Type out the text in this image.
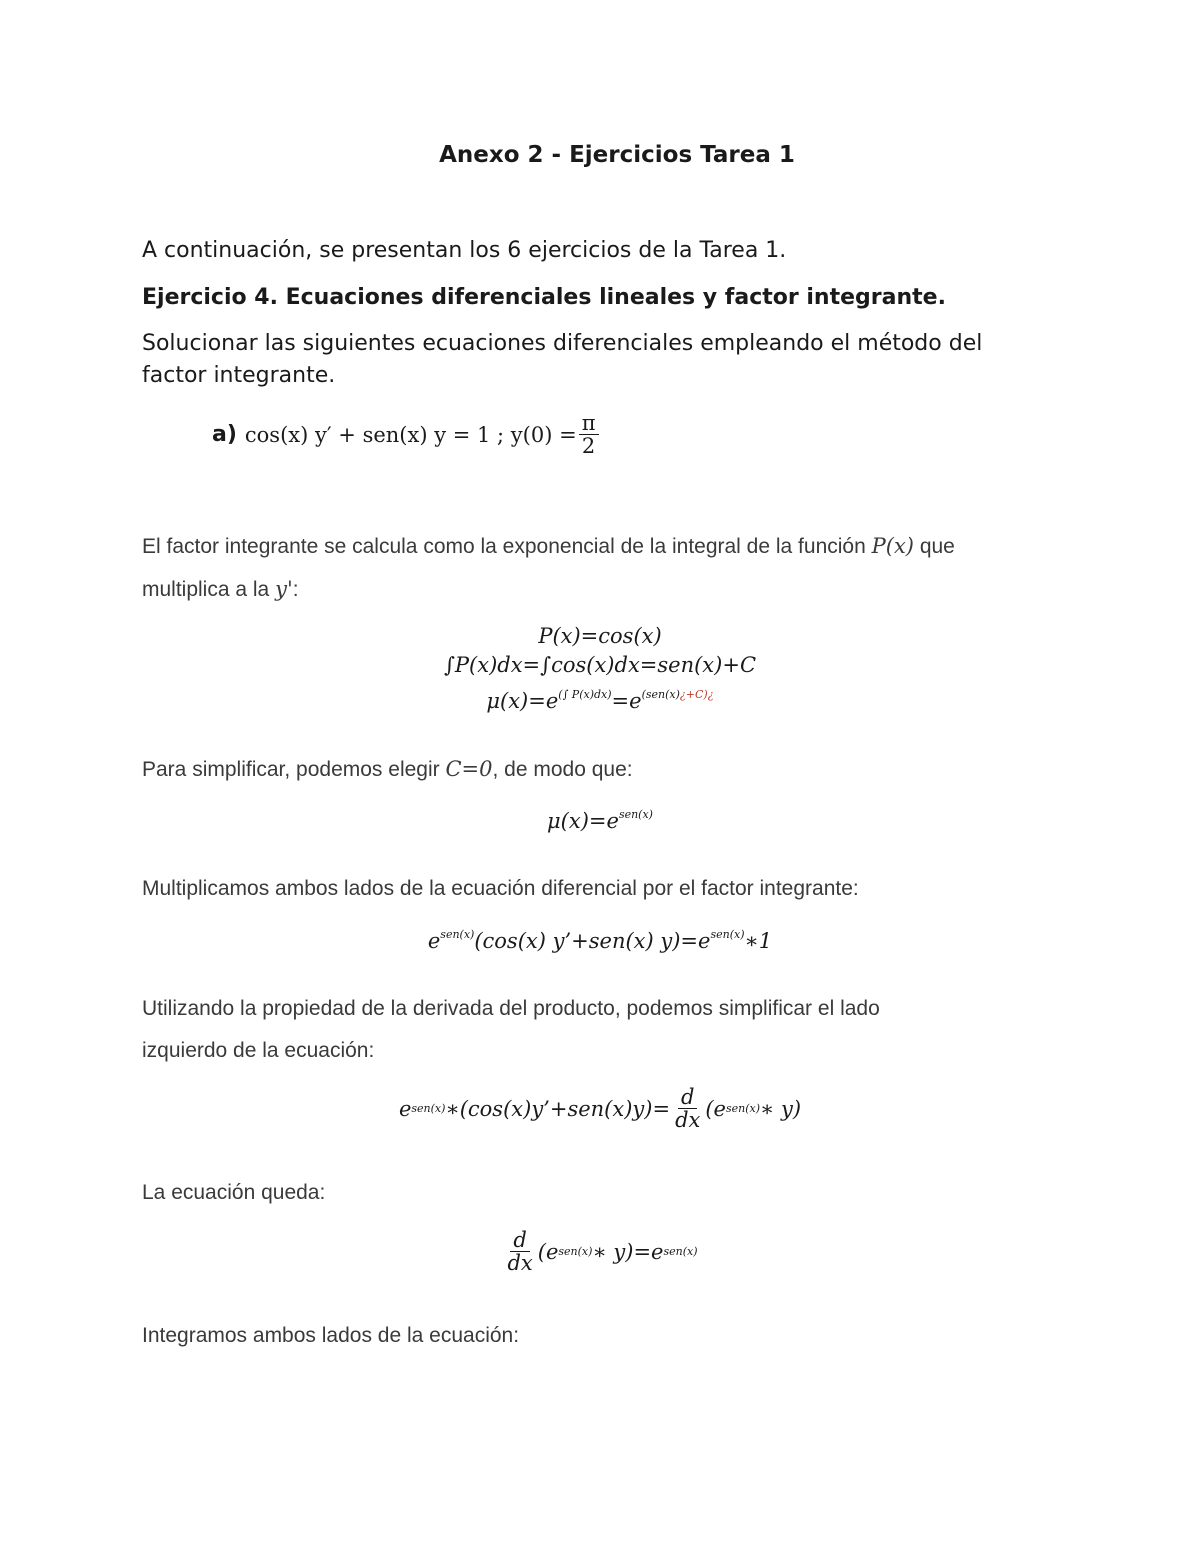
Anexo 2 - Ejercicios Tarea 1
A continuación, se presentan los 6 ejercicios de la Tarea 1.
Ejercicio 4. Ecuaciones diferenciales lineales y factor integrante.
Solucionar las siguientes ecuaciones diferenciales empleando el método del
factor integrante.
a) cos(x) y′ + sen(x) y = 1 ; $y(0) = \frac{\pi}{2}$
El factor integrante se calcula como la exponencial de la integral de la función P(x) que
multiplica a la y':
P(x)=cos(x)
∫P(x)dx=∫cos(x)dx=sen(x)+C
$\mu(x)=e^{(\int P(x)dx)}=e^{(sen(x)¿+C)¿}$
Para simplificar, podemos elegir C=0, de modo que:
$\mu(x)=e^{sen(x)}$
Multiplicamos ambos lados de la ecuación diferencial por el factor integrante:
$e^{sen(x)}(\cos(x)$ y’+sen(x) $y)=e^{sen(x)}∗1$
Utilizando la propiedad de la derivada del producto, podemos simplificar el lado
izquierdo de la ecuación:
e sen(x) ∗(cos(x)y’+sen(x)y)= $\frac{d}{dx} (e$ sen(x) ∗ y)
La ecuación queda:
$\frac{d}{dx} (e$ sen(x) ∗ y)=e sen(x)
Integramos ambos lados de la ecuación:
